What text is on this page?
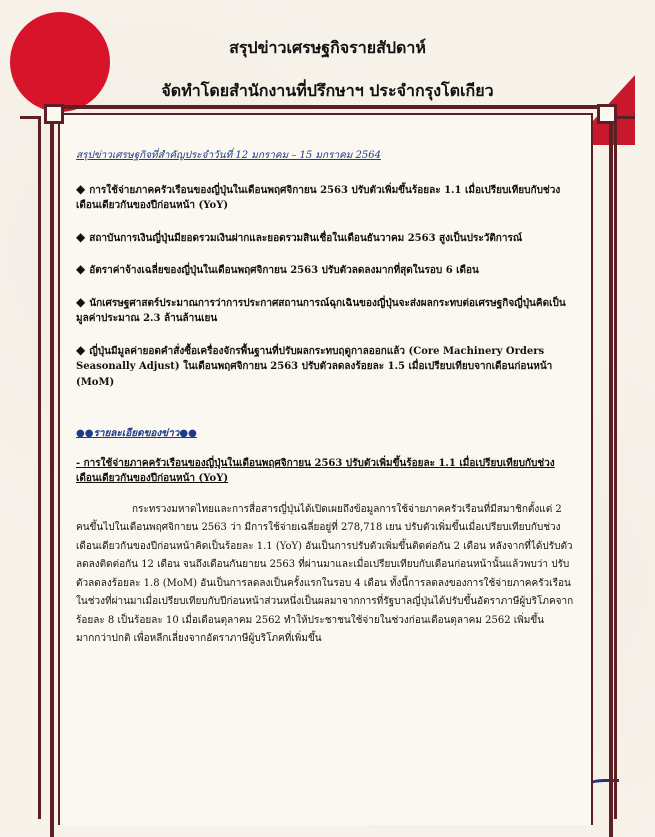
สรุปข่าวเศรษฐกิจรายสัปดาห์
จัดทำโดยสำนักงานที่ปรึกษาฯ ประจำกรุงโตเกียว
สรุปข่าวเศรษฐกิจที่สำคัญประจำวันที่ 12 มกราคม – 15 มกราคม 2564
◆ การใช้จ่ายภาคครัวเรือนของญี่ปุ่นในเดือนพฤศจิกายน 2563 ปรับตัวเพิ่มขึ้นร้อยละ 1.1 เมื่อเปรียบเทียบกับช่วงเดือนเดียวกันของปีก่อนหน้า (YoY)
◆ สถาบันการเงินญี่ปุ่นมียอดรวมเงินฝากและยอดรวมสินเชื่อในเดือนธันวาคม 2563 สูงเป็นประวัติการณ์
◆ อัตราค่าจ้างเฉลี่ยของญี่ปุ่นในเดือนพฤศจิกายน 2563 ปรับตัวลดลงมากที่สุดในรอบ 6 เดือน
◆ นักเศรษฐศาสตร์ประมาณการว่าการประกาศสถานการณ์ฉุกเฉินของญี่ปุ่นจะส่งผลกระทบต่อเศรษฐกิจญี่ปุ่นคิดเป็นมูลค่าประมาณ 2.3 ล้านล้านเยน
◆ ญี่ปุ่นมีมูลค่ายอดคำสั่งซื้อเครื่องจักรพื้นฐานที่ปรับผลกระทบฤดูกาลออกแล้ว (Core Machinery Orders Seasonally Adjust) ในเดือนพฤศจิกายน 2563 ปรับตัวลดลงร้อยละ 1.5 เมื่อเปรียบเทียบจากเดือนก่อนหน้า (MoM)
●●รายละเอียดของข่าว●●
- การใช้จ่ายภาคครัวเรือนของญี่ปุ่นในเดือนพฤศจิกายน 2563 ปรับตัวเพิ่มขึ้นร้อยละ 1.1 เมื่อเปรียบเทียบกับช่วงเดือนเดียวกันของปีก่อนหน้า (YoY)
กระทรวงมหาดไทยและการสื่อสารญี่ปุ่นได้เปิดเผยถึงข้อมูลการใช้จ่ายภาคครัวเรือนที่มีสมาชิกตั้งแต่ 2 คนขึ้นไปในเดือนพฤศจิกายน 2563 ว่า มีการใช้จ่ายเฉลี่ยอยู่ที่ 278,718 เยน ปรับตัวเพิ่มขึ้นเมื่อเปรียบเทียบกับช่วงเดือนเดียวกันของปีก่อนหน้าคิดเป็นร้อยละ 1.1 (YoY) อันเป็นการปรับตัวเพิ่มขึ้นติดต่อกัน 2 เดือน หลังจากที่ได้ปรับตัวลดลงติดต่อกัน 12 เดือน จนถึงเดือนกันยายน 2563 ที่ผ่านมาและเมื่อเปรียบเทียบกับเดือนก่อนหน้านั้นแล้วพบว่า ปรับตัวลดลงร้อยละ 1.8 (MoM) อันเป็นการลดลงเป็นครั้งแรกในรอบ 4 เดือน ทั้งนี้การลดลงของการใช้จ่ายภาคครัวเรือนในช่วงที่ผ่านมาเมื่อเปรียบเทียบกับปีก่อนหน้าส่วนหนึ่งเป็นผลมาจากการที่รัฐบาลญี่ปุ่นได้ปรับขึ้นอัตราภาษีผู้บริโภคจากร้อยละ 8 เป็นร้อยละ 10 เมื่อเดือนตุลาคม 2562 ทำให้ประชาชนใช้จ่ายในช่วงก่อนเดือนตุลาคม 2562 เพิ่มขึ้นมากกว่าปกติ เพื่อหลีกเลี่ยงจากอัตราภาษีผู้บริโภคที่เพิ่มขึ้น
